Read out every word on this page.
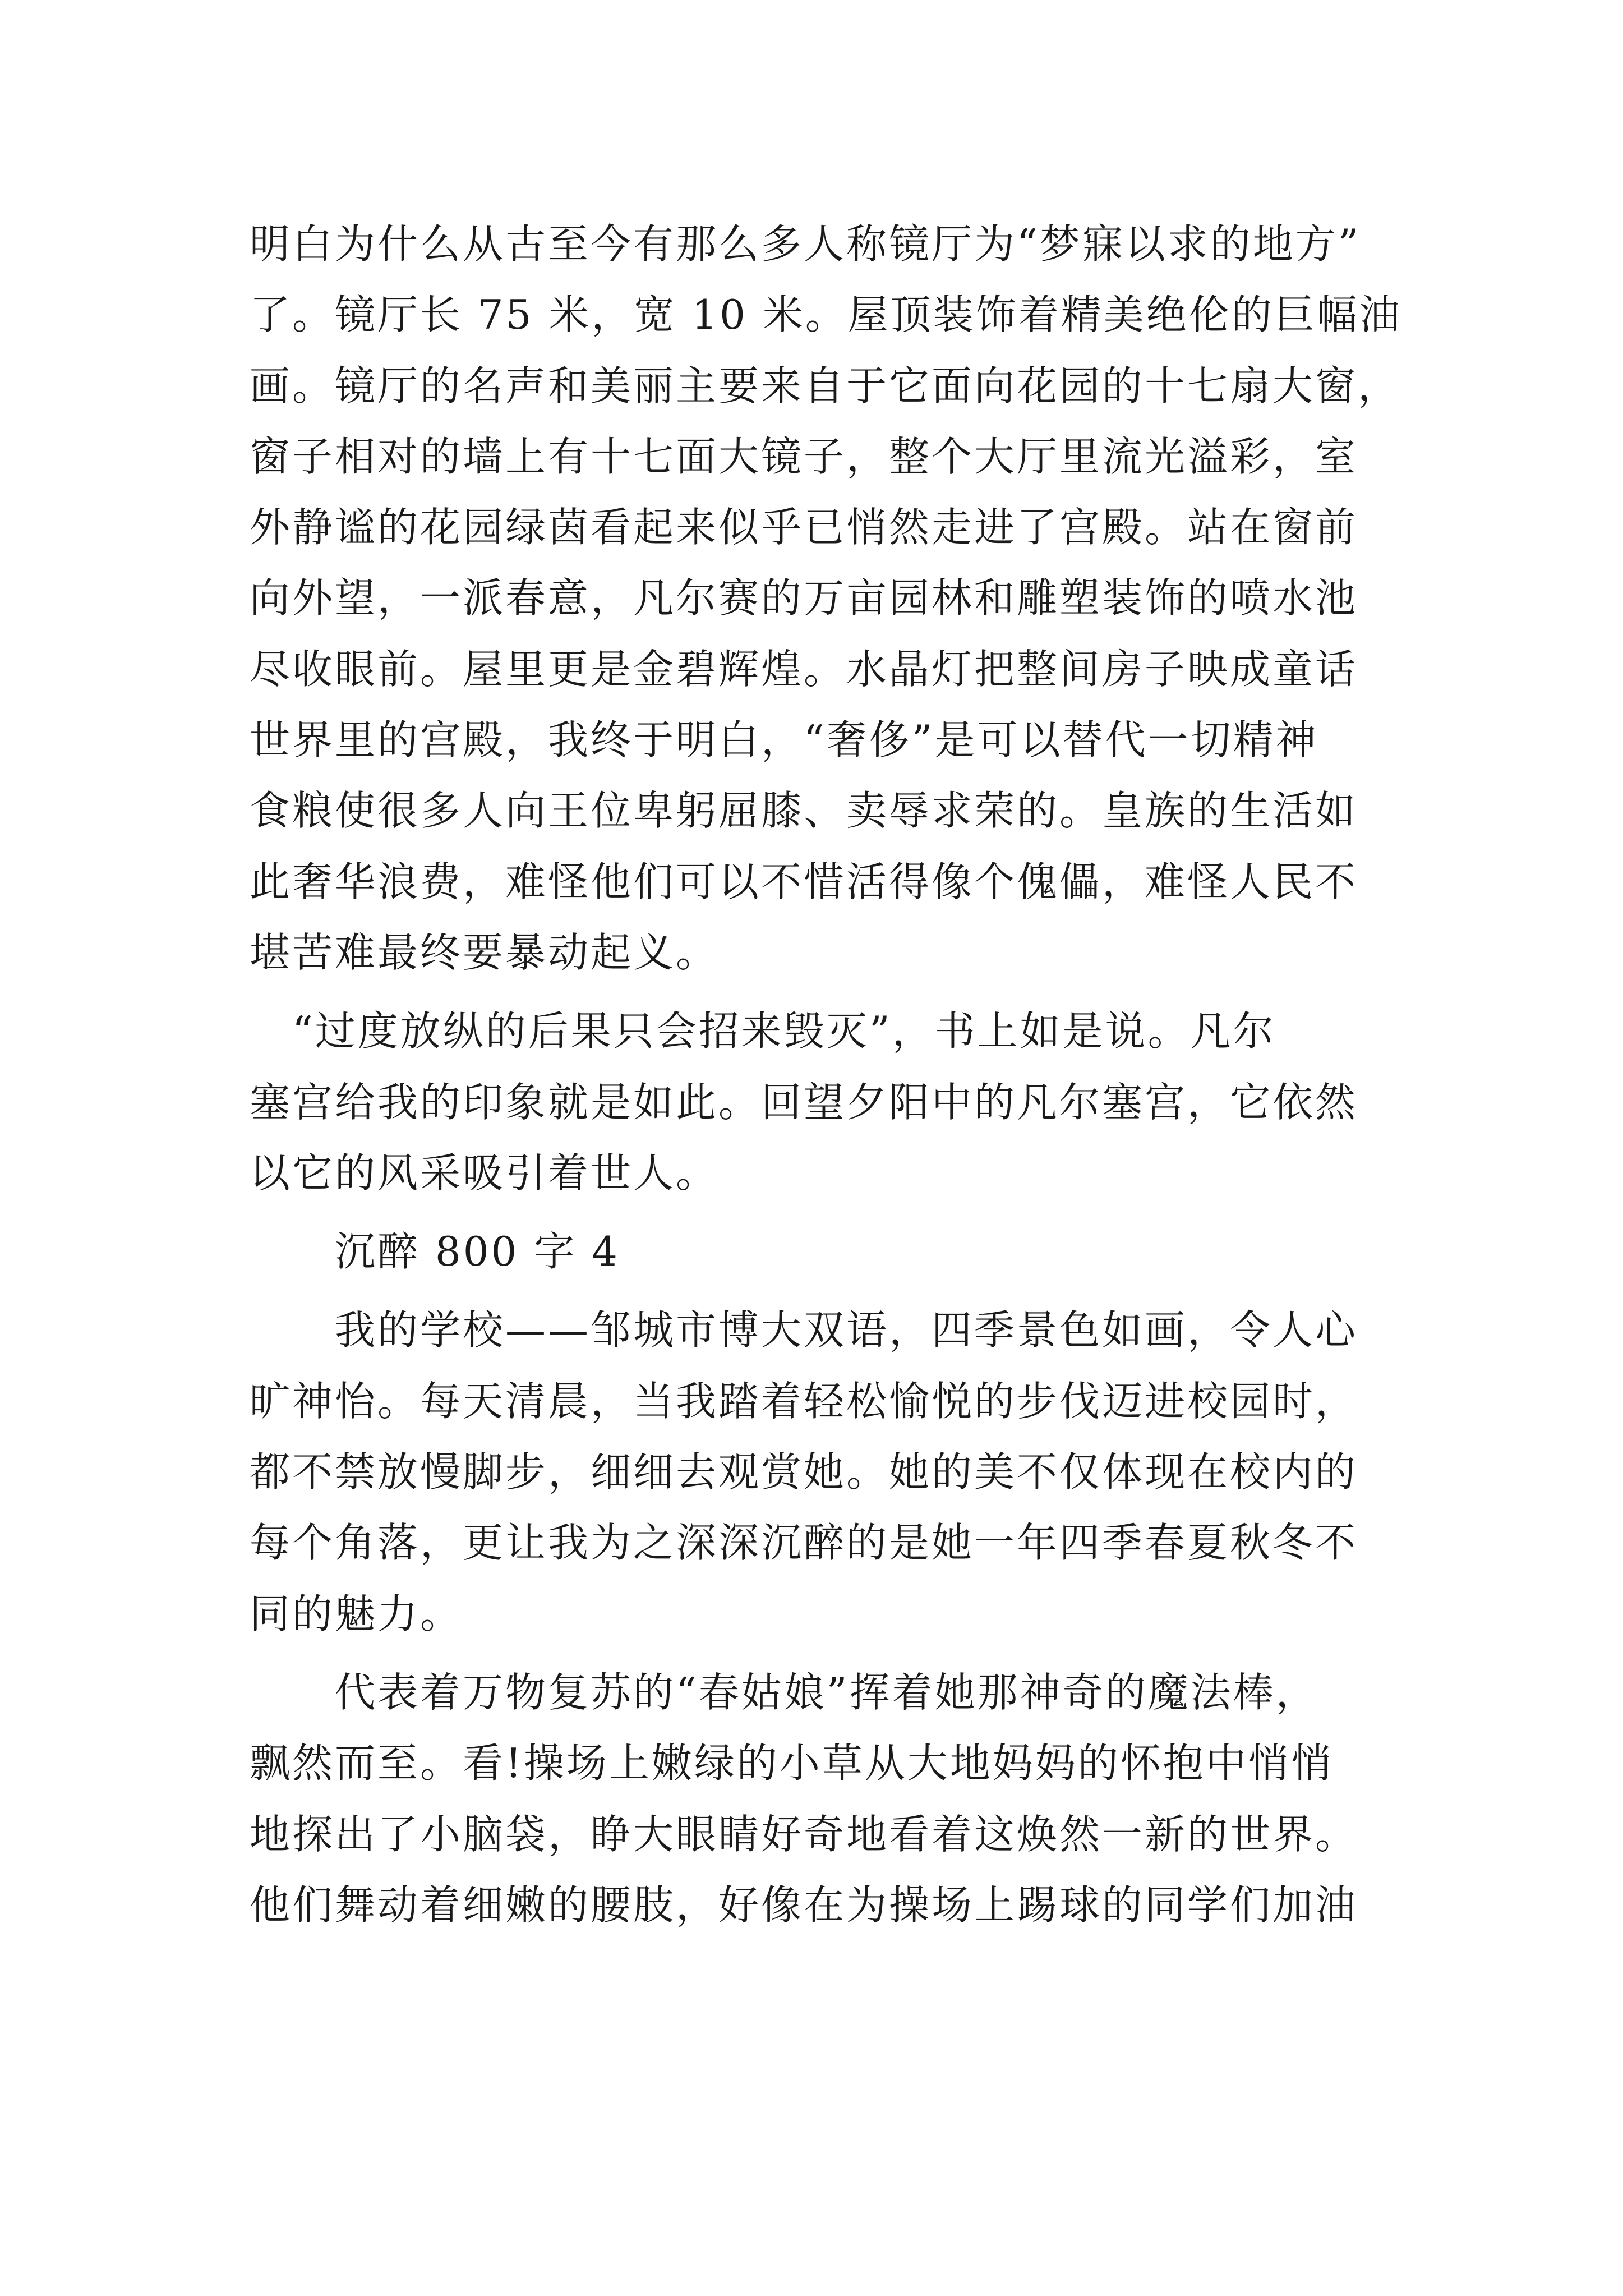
明白为什么从古至今有那么多人称镜厅为“梦寐以求的地方”
了。镜厅长 75 米，宽 10 米。屋顶装饰着精美绝伦的巨幅油
画。镜厅的名声和美丽主要来自于它面向花园的十七扇大窗，
窗子相对的墙上有十七面大镜子，整个大厅里流光溢彩，室
外静谧的花园绿茵看起来似乎已悄然走进了宫殿。站在窗前
向外望，一派春意，凡尔赛的万亩园林和雕塑装饰的喷水池
尽收眼前。屋里更是金碧辉煌。水晶灯把整间房子映成童话
世界里的宫殿，我终于明白，“奢侈”是可以替代一切精神
食粮使很多人向王位卑躬屈膝、卖辱求荣的。皇族的生活如
此奢华浪费，难怪他们可以不惜活得像个傀儡，难怪人民不
堪苦难最终要暴动起义。
　“过度放纵的后果只会招来毁灭”，书上如是说。凡尔
塞宫给我的印象就是如此。回望夕阳中的凡尔塞宫，它依然
以它的风采吸引着世人。
　　沉醉 800 字 4
　　我的学校——邹城市博大双语，四季景色如画，令人心
旷神怡。每天清晨，当我踏着轻松愉悦的步伐迈进校园时，
都不禁放慢脚步，细细去观赏她。她的美不仅体现在校内的
每个角落，更让我为之深深沉醉的是她一年四季春夏秋冬不
同的魅力。
　　代表着万物复苏的“春姑娘”挥着她那神奇的魔法棒，
飘然而至。看!操场上嫩绿的小草从大地妈妈的怀抱中悄悄
地探出了小脑袋，睁大眼睛好奇地看着这焕然一新的世界。
他们舞动着细嫩的腰肢，好像在为操场上踢球的同学们加油
